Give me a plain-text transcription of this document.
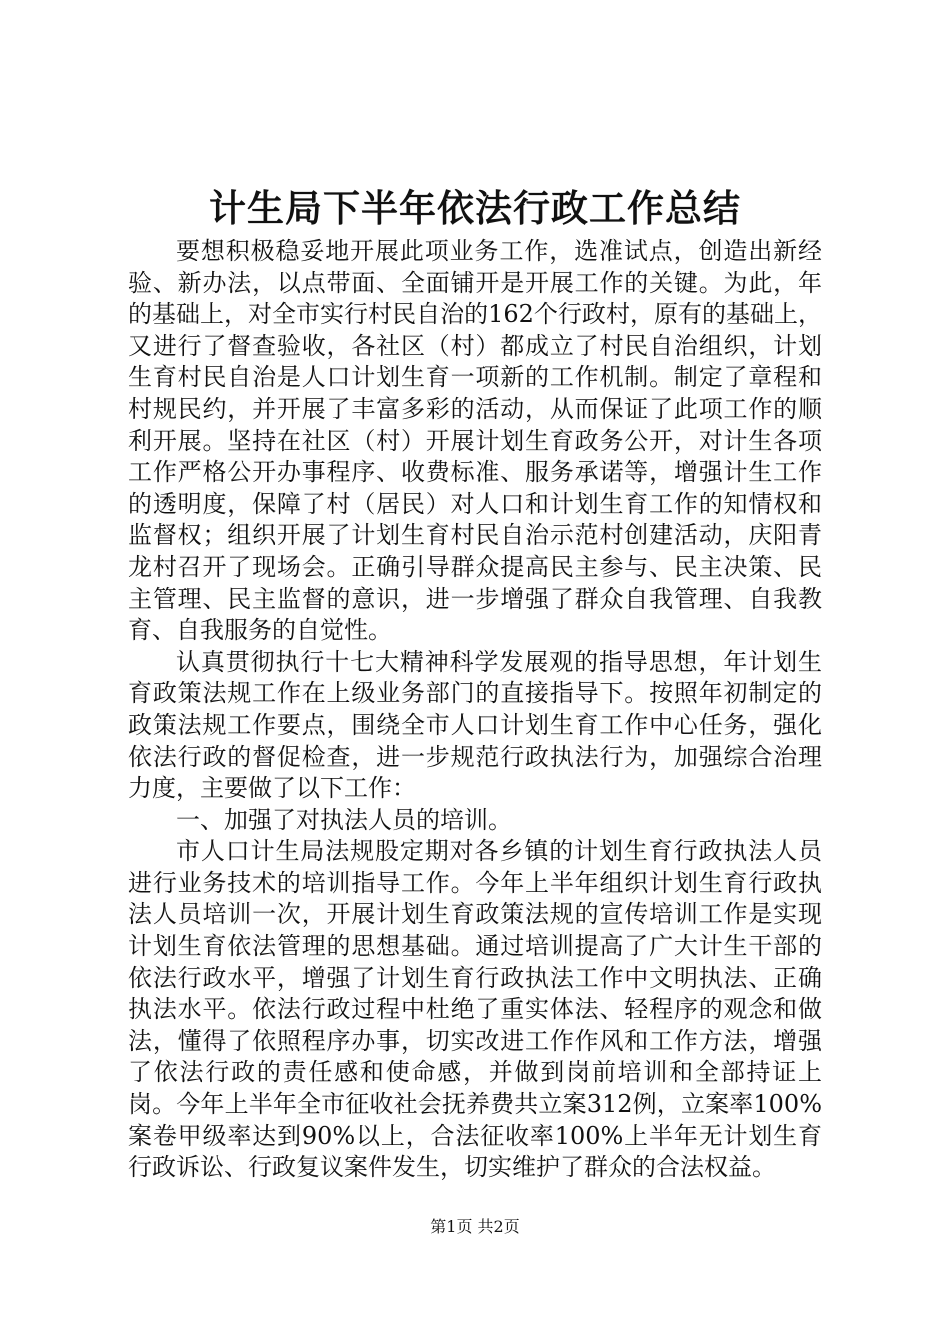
计生局下半年依法行政工作总结

要想积极稳妥地开展此项业务工作，选准试点，创造出新经验、新办法，以点带面、全面铺开是开展工作的关键。为此，年的基础上，对全市实行村民自治的162个行政村，原有的基础上，又进行了督查验收，各社区（村）都成立了村民自治组织，计划生育村民自治是人口计划生育一项新的工作机制。制定了章程和村规民约，并开展了丰富多彩的活动，从而保证了此项工作的顺利开展。坚持在社区（村）开展计划生育政务公开，对计生各项工作严格公开办事程序、收费标准、服务承诺等，增强计生工作的透明度，保障了村（居民）对人口和计划生育工作的知情权和监督权；组织开展了计划生育村民自治示范村创建活动，庆阳青龙村召开了现场会。正确引导群众提高民主参与、民主决策、民主管理、民主监督的意识，进一步增强了群众自我管理、自我教育、自我服务的自觉性。

认真贯彻执行十七大精神科学发展观的指导思想，年计划生育政策法规工作在上级业务部门的直接指导下。按照年初制定的政策法规工作要点，围绕全市人口计划生育工作中心任务，强化依法行政的督促检查，进一步规范行政执法行为，加强综合治理力度，主要做了以下工作：

一、加强了对执法人员的培训。

市人口计生局法规股定期对各乡镇的计划生育行政执法人员进行业务技术的培训指导工作。今年上半年组织计划生育行政执法人员培训一次，开展计划生育政策法规的宣传培训工作是实现计划生育依法管理的思想基础。通过培训提高了广大计生干部的依法行政水平，增强了计划生育行政执法工作中文明执法、正确执法水平。依法行政过程中杜绝了重实体法、轻程序的观念和做法，懂得了依照程序办事，切实改进工作作风和工作方法，增强了依法行政的责任感和使命感，并做到岗前培训和全部持证上岗。今年上半年全市征收社会抚养费共立案312例，立案率100%案卷甲级率达到90%以上，合法征收率100%上半年无计划生育行政诉讼、行政复议案件发生，切实维护了群众的合法权益。

第1页 共2页
